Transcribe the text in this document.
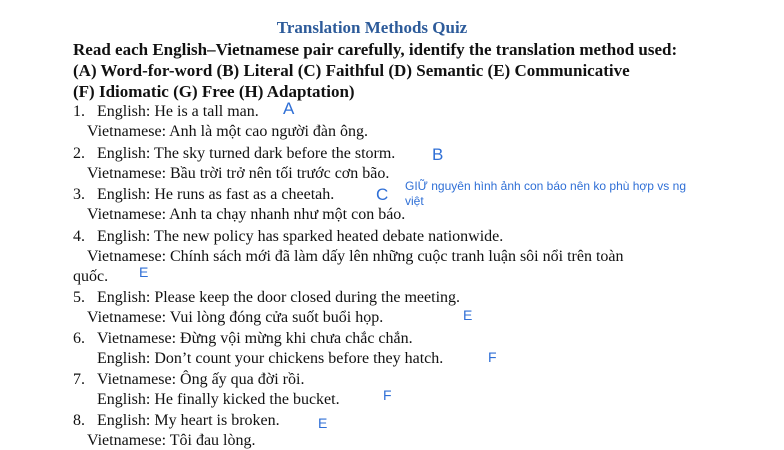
Translation Methods Quiz
Read each English–Vietnamese pair carefully, identify the translation method used:
(A) Word-for-word (B) Literal (C) Faithful (D) Semantic (E) Communicative
(F) Idiomatic (G) Free (H) Adaptation)
1. English: He is a tall man. A
Vietnamese: Anh là một cao người đàn ông.
2. English: The sky turned dark before the storm. B
Vietnamese: Bầu trời trở nên tối trước cơn bão.
3. English: He runs as fast as a cheetah. C GIỮ nguyên hình ảnh con báo nên ko phù hợp vs ng
việt
Vietnamese: Anh ta chạy nhanh như một con báo.
4. English: The new policy has sparked heated debate nationwide.
Vietnamese: Chính sách mới đã làm dấy lên những cuộc tranh luận sôi nổi trên toàn
quốc. E
5. English: Please keep the door closed during the meeting.
Vietnamese: Vui lòng đóng cửa suốt buổi họp.	E
6. Vietnamese: Đừng vội mừng khi chưa chắc chắn.
English: Don’t count your chickens before they hatch.	F
7. Vietnamese: Ông ấy qua đời rồi.
English: He finally kicked the bucket.	F
8. English: My heart is broken.	E
Vietnamese: Tôi đau lòng.
